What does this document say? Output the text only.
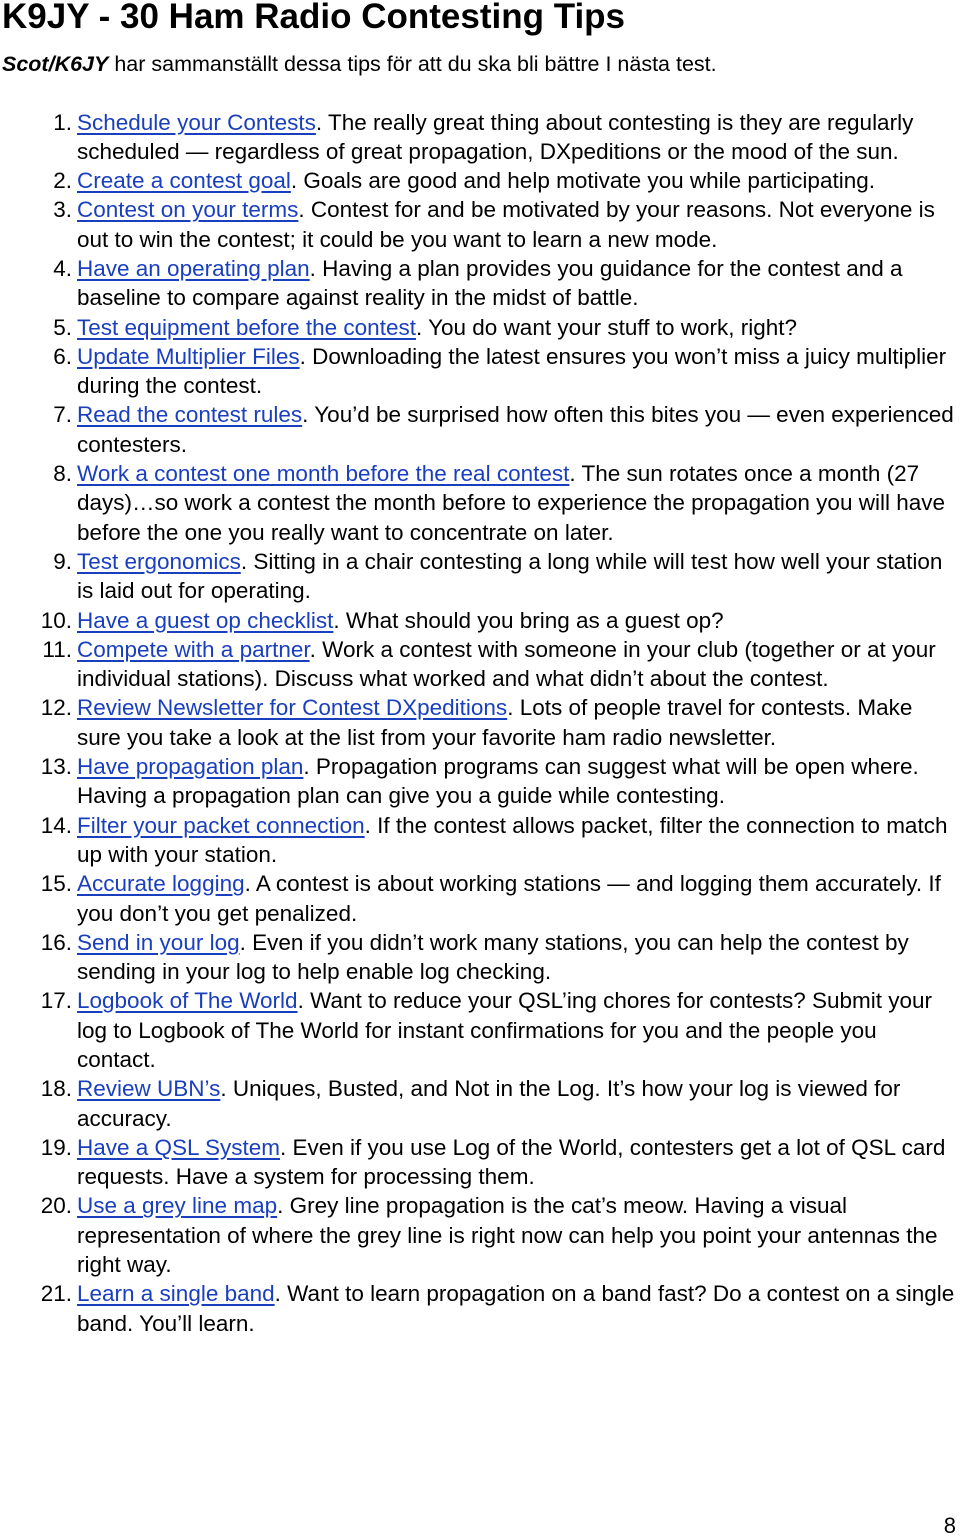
K9JY - 30 Ham Radio Contesting Tips

Scot/K6JY har sammanställt dessa tips för att du ska bli bättre I nästa test.

1. Schedule your Contests. The really great thing about contesting is they are regularly scheduled — regardless of great propagation, DXpeditions or the mood of the sun.
2. Create a contest goal. Goals are good and help motivate you while participating.
3. Contest on your terms. Contest for and be motivated by your reasons. Not everyone is out to win the contest; it could be you want to learn a new mode.
4. Have an operating plan. Having a plan provides you guidance for the contest and a baseline to compare against reality in the midst of battle.
5. Test equipment before the contest. You do want your stuff to work, right?
6. Update Multiplier Files. Downloading the latest ensures you won’t miss a juicy multiplier during the contest.
7. Read the contest rules. You’d be surprised how often this bites you — even experienced contesters.
8. Work a contest one month before the real contest. The sun rotates once a month (27 days)…so work a contest the month before to experience the propagation you will have before the one you really want to concentrate on later.
9. Test ergonomics. Sitting in a chair contesting a long while will test how well your station is laid out for operating.
10. Have a guest op checklist. What should you bring as a guest op?
11. Compete with a partner. Work a contest with someone in your club (together or at your individual stations). Discuss what worked and what didn’t about the contest.
12. Review Newsletter for Contest DXpeditions. Lots of people travel for contests. Make sure you take a look at the list from your favorite ham radio newsletter.
13. Have propagation plan. Propagation programs can suggest what will be open where. Having a propagation plan can give you a guide while contesting.
14. Filter your packet connection. If the contest allows packet, filter the connection to match up with your station.
15. Accurate logging. A contest is about working stations — and logging them accurately. If you don’t you get penalized.
16. Send in your log. Even if you didn’t work many stations, you can help the contest by sending in your log to help enable log checking.
17. Logbook of The World. Want to reduce your QSL’ing chores for contests? Submit your log to Logbook of The World for instant confirmations for you and the people you contact.
18. Review UBN’s. Uniques, Busted, and Not in the Log. It’s how your log is viewed for accuracy.
19. Have a QSL System. Even if you use Log of the World, contesters get a lot of QSL card requests. Have a system for processing them.
20. Use a grey line map. Grey line propagation is the cat’s meow. Having a visual representation of where the grey line is right now can help you point your antennas the right way.
21. Learn a single band. Want to learn propagation on a band fast? Do a contest on a single band. You’ll learn.
8
